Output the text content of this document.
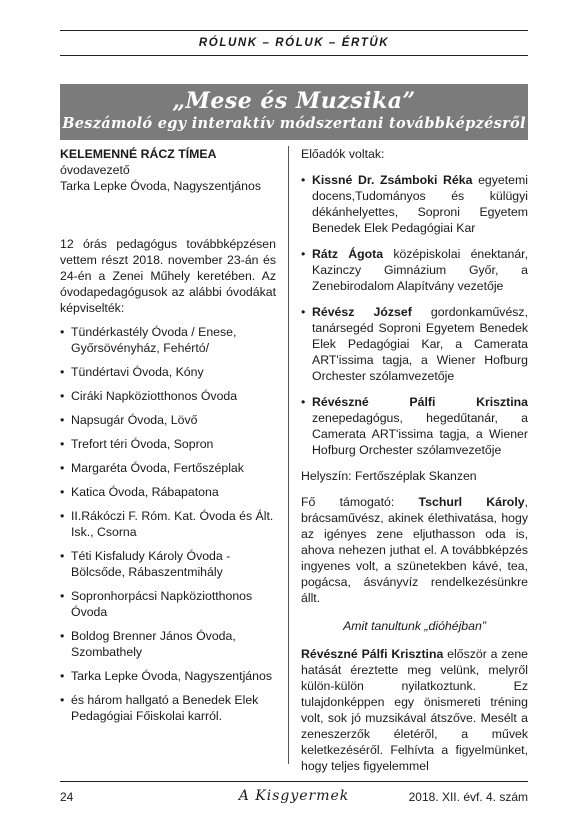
RÓLUNK – RÓLUK – ÉRTÜK
„Mese és Muzsika”
Beszámoló egy interaktív módszertani továbbképzésről
KELEMENNÉ RÁCZ TÍMEA
óvodavezető
Tarka Lepke Óvoda, Nagyszentjános

12 órás pedagógus továbbképzésen vettem részt 2018. november 23-án és 24-én a Zenei Műhely keretében. Az óvodapedagógusok az alábbi óvodákat képviselték:

• Tündérkastély Óvoda / Enese, Győrsövényház, Fehértó/
• Tündértavi Óvoda, Kóny
• Ciráki Napköziotthonos Óvoda
• Napsugár Óvoda, Lövő
• Trefort téri Óvoda, Sopron
• Margaréta Óvoda, Fertőszéplak
• Katica Óvoda, Rábapatona
• II.Rákóczi F. Róm. Kat. Óvoda és Ált. Isk., Csorna
• Téti Kisfaludy Károly Óvoda - Bölcsőde, Rábaszentmihály
• Sopronhorpácsi Napköziotthonos Óvoda
• Boldog Brenner János Óvoda, Szombathely
• Tarka Lepke Óvoda, Nagyszentjános
• és három hallgató a Benedek Elek Pedagógiai Főiskolai karról.
Előadók voltak:
• Kissné Dr. Zsámboki Réka egyetemi docens,Tudományos és külügyi dékánhelyettes, Soproni Egyetem Benedek Elek Pedagógiai Kar
• Rátz Ágota középiskolai énektanár, Kazinczy Gimnázium Győr, a Zenebirodalom Alapítvány vezetője
• Révész József gordonkaművész, tanársegéd Soproni Egyetem Benedek Elek Pedagógiai Kar, a Camerata ART'issima tagja, a Wiener Hofburg Orchester szólamvezetője
• Révészné Pálfi Krisztina zenepedagógus, hegedűtanár, a Camerata ART'issima tagja, a Wiener Hofburg Orchester szólamvezetője
Helyszín: Fertőszéplak Skanzen

Fő támogató: Tschurl Károly, brácsaművész, akinek élethivatása, hogy az igényes zene eljuthasson oda is, ahova nehezen juthat el. A továbbképzés ingyenes volt, a szünetekben kávé, tea, pogácsa, ásványvíz rendelkezésünkre állt.

Amit tanultunk „dióhéjban”

Révészné Pálfi Krisztina először a zene hatását éreztette meg velünk, melyről külön-külön nyilatkoztunk. Ez tulajdonképpen egy önismereti tréning volt, sok jó muzsikával átszőve. Mesélt a zeneszerzők életéről, a művek keletkezéséről. Felhívta a figyelmünket, hogy teljes figyelemmel

24	A Kisgyermek	2018. XII. évf. 4. szám
